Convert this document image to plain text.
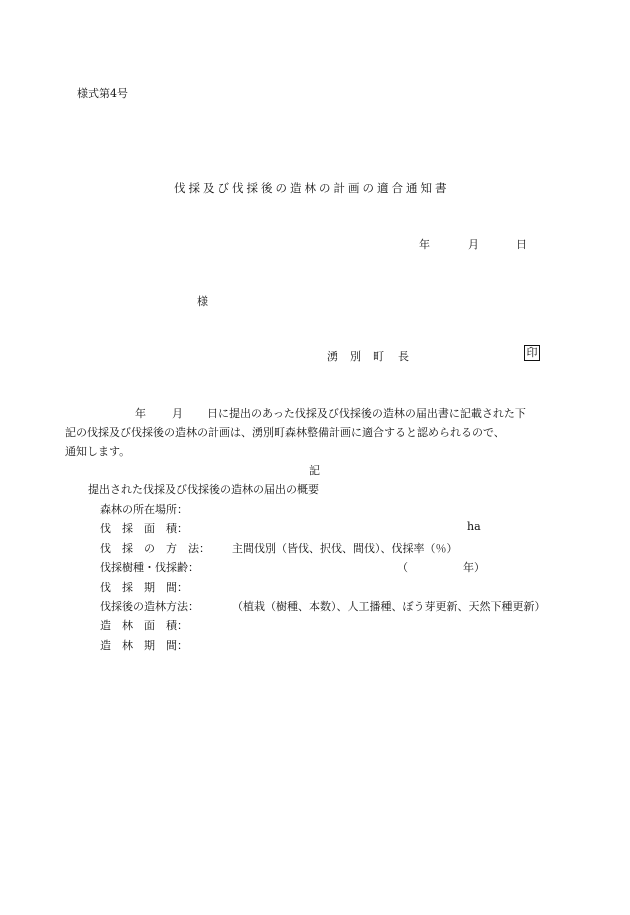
様式第4号
伐採及び伐採後の造林の計画の適合通知書
年	月	日
様
湧 別 町 長	印
年 月 日に提出のあった伐採及び伐採後の造林の届出書に記載された下
記の伐採及び伐採後の造林の計画は、湧別町森林整備計画に適合すると認められるので、
通知します。
記
提出された伐採及び伐採後の造林の届出の概要
森林の所在場所：
伐　採　面　積：	ha
伐　採　の　方　法： 主間伐別（皆伐、択伐、間伐）、伐採率（％）
伐採樹種・伐採齢：	（　　　　　年）
伐　採　期　間：
伐採後の造林方法：	（植栽（樹種、本数）、人工播種、ぼう芽更新、天然下種更新）
造　林　面　積：
造　林　期　間：
